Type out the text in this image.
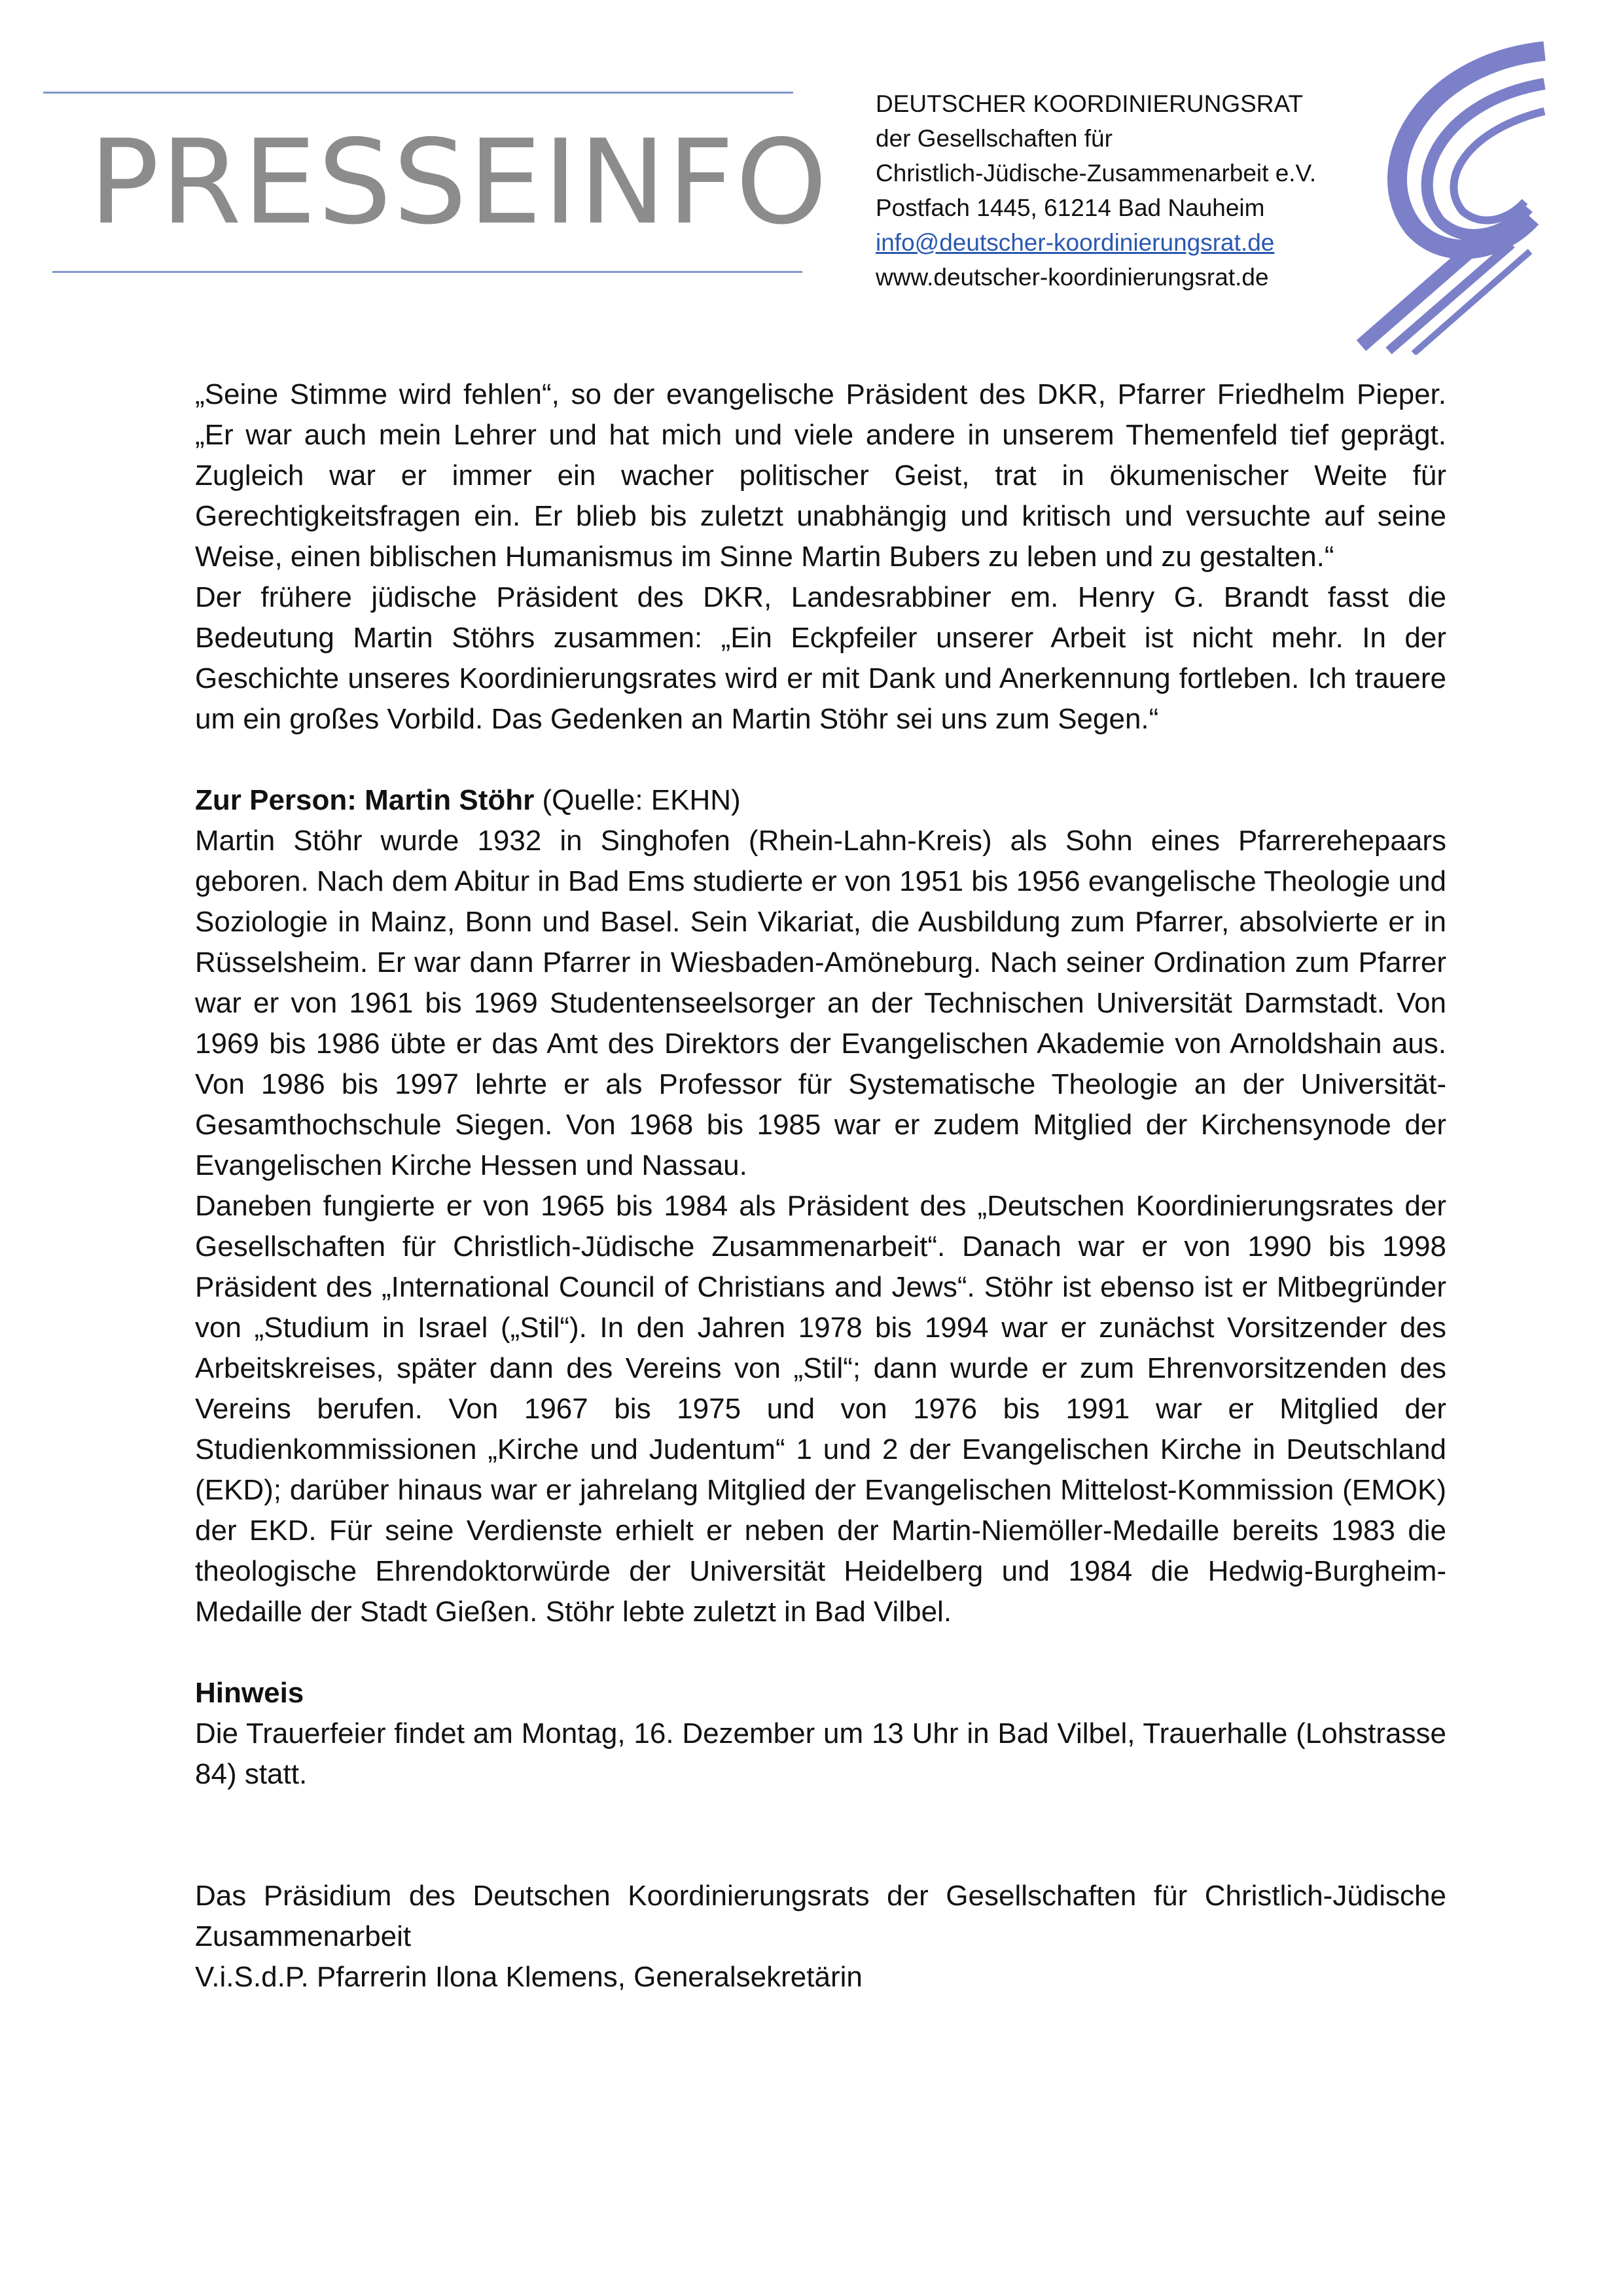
PRESSEINFO
DEUTSCHER KOORDINIERUNGSRAT
der Gesellschaften für
Christlich-Jüdische-Zusammenarbeit e.V.
Postfach 1445, 61214 Bad Nauheim
info@deutscher-koordinierungsrat.de
www.deutscher-koordinierungsrat.de

„Seine Stimme wird fehlen“, so der evangelische Präsident des DKR, Pfarrer Friedhelm Pieper. „Er war auch mein Lehrer und hat mich und viele andere in unserem Themenfeld tief geprägt. Zugleich war er immer ein wacher politischer Geist, trat in ökumenischer Weite für Gerechtigkeitsfragen ein. Er blieb bis zuletzt unabhängig und kritisch und versuchte auf seine Weise, einen biblischen Humanismus im Sinne Martin Bubers zu leben und zu gestalten.“

Der frühere jüdische Präsident des DKR, Landesrabbiner em. Henry G. Brandt fasst die Bedeutung Martin Stöhrs zusammen: „Ein Eckpfeiler unserer Arbeit ist nicht mehr. In der Geschichte unseres Koordinierungsrates wird er mit Dank und Anerkennung fortleben. Ich trauere um ein großes Vorbild. Das Gedenken an Martin Stöhr sei uns zum Segen.“

Zur Person: Martin Stöhr (Quelle: EKHN)

Martin Stöhr wurde 1932 in Singhofen (Rhein-Lahn-Kreis) als Sohn eines Pfarrerehepaars geboren. Nach dem Abitur in Bad Ems studierte er von 1951 bis 1956 evangelische Theologie und Soziologie in Mainz, Bonn und Basel. Sein Vikariat, die Ausbildung zum Pfarrer, absolvierte er in Rüsselsheim. Er war dann Pfarrer in Wiesbaden-Amöneburg. Nach seiner Ordination zum Pfarrer war er von 1961 bis 1969 Studentenseelsorger an der Technischen Universität Darmstadt. Von 1969 bis 1986 übte er das Amt des Direktors der Evangelischen Akademie von Arnoldshain aus. Von 1986 bis 1997 lehrte er als Professor für Systematische Theologie an der Universität-Gesamthochschule Siegen. Von 1968 bis 1985 war er zudem Mitglied der Kirchensynode der Evangelischen Kirche Hessen und Nassau.

Daneben fungierte er von 1965 bis 1984 als Präsident des „Deutschen Koordinierungsrates der Gesellschaften für Christlich-Jüdische Zusammenarbeit“. Danach war er von 1990 bis 1998 Präsident des „International Council of Christians and Jews“. Stöhr ist ebenso ist er Mitbegründer von „Studium in Israel („Stil“). In den Jahren 1978 bis 1994 war er zunächst Vorsitzender des Arbeitskreises, später dann des Vereins von „Stil“; dann wurde er zum Ehrenvorsitzenden des Vereins berufen. Von 1967 bis 1975 und von 1976 bis 1991 war er Mitglied der Studienkommissionen „Kirche und Judentum“ 1 und 2 der Evangelischen Kirche in Deutschland (EKD); darüber hinaus war er jahrelang Mitglied der Evangelischen Mittelost-Kommission (EMOK) der EKD. Für seine Verdienste erhielt er neben der Martin-Niemöller-Medaille bereits 1983 die theologische Ehrendoktorwürde der Universität Heidelberg und 1984 die Hedwig-Burgheim-Medaille der Stadt Gießen. Stöhr lebte zuletzt in Bad Vilbel.

Hinweis

Die Trauerfeier findet am Montag, 16. Dezember um 13 Uhr in Bad Vilbel, Trauerhalle (Lohstrasse 84) statt.

Das Präsidium des Deutschen Koordinierungsrats der Gesellschaften für Christlich-Jüdische Zusammenarbeit

V.i.S.d.P. Pfarrerin Ilona Klemens, Generalsekretärin
